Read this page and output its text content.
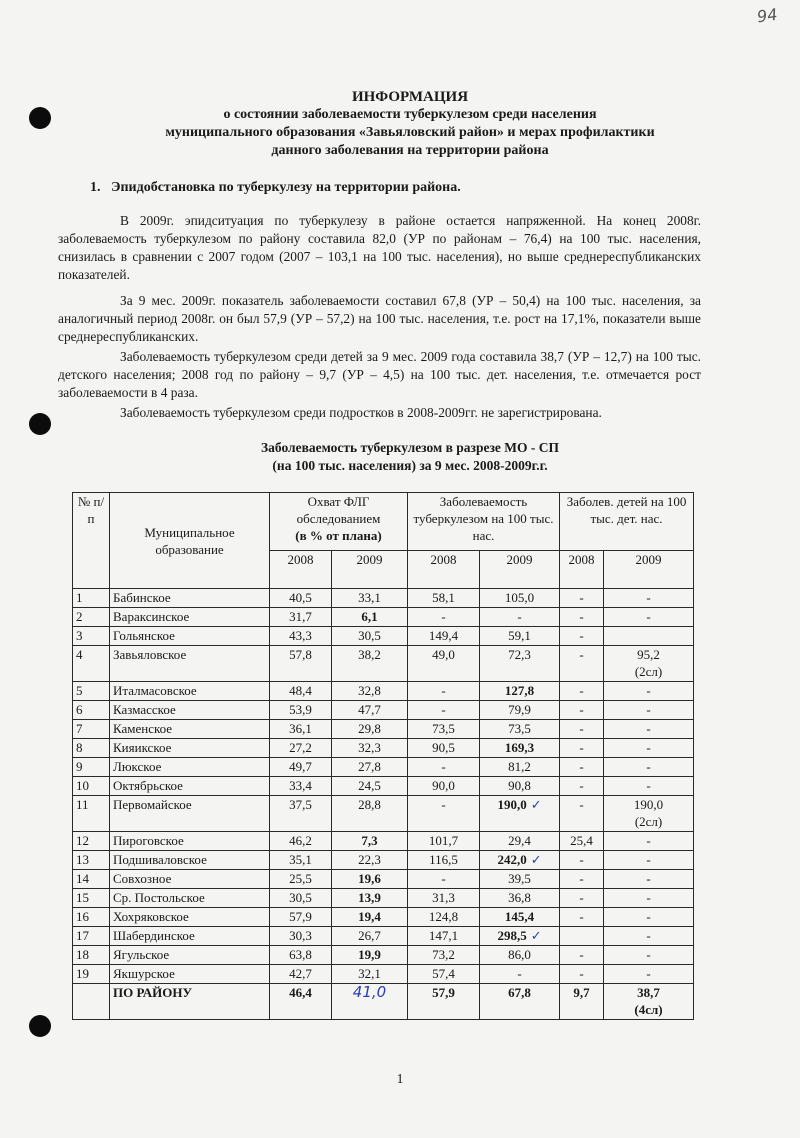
94
ИНФОРМАЦИЯ
о состоянии заболеваемости туберкулезом среди населения
муниципального образования «Завьяловский район» и мерах профилактики
данного заболевания на территории района
1. Эпидобстановка по туберкулезу на территории района.

В 2009г. эпидситуация по туберкулезу в районе остается напряженной. На конец 2008г. заболеваемость туберкулезом по району составила 82,0 (УР по районам – 76,4) на 100 тыс. населения, снизилась в сравнении с 2007 годом (2007 – 103,1 на 100 тыс. населения), но выше среднереспубликанских показателей.

За 9 мес. 2009г. показатель заболеваемости составил 67,8 (УР – 50,4) на 100 тыс. населения, за аналогичный период 2008г. он был 57,9 (УР – 57,2) на 100 тыс. населения, т.е. рост на 17,1%, показатели выше среднереспубликанских.

Заболеваемость туберкулезом среди детей за 9 мес. 2009 года составила 38,7 (УР – 12,7) на 100 тыс. детского населения; 2008 год по району – 9,7 (УР – 4,5) на 100 тыс. дет. населения, т.е. отмечается рост заболеваемости в 4 раза.

Заболеваемость туберкулезом среди подростков в 2008-2009гг. не зарегистрирована.

Заболеваемость туберкулезом в разрезе МО - СП
(на 100 тыс. населения) за 9 мес. 2008-2009г.г.
№ п/п	Муниципальное образование	Охват ФЛГ
обследованием
(в % от плана)		Заболеваемость туберкулезом на 100 тыс. нас.		Заболев. детей на 100 тыс. дет. нас.	
		2008	2009	2008	2009	2008	2009
1	Бабинское	40,5	33,1	58,1	105,0	-	-
2	Вараксинское	31,7	6,1	-	-	-	-
3	Гольянское	43,3	30,5	149,4	59,1	-	
4	Завьяловское	57,8	38,2	49,0	72,3	-	95,2
(2сл)

5	Италмасовское	48,4	32,8	-	127,8	-	-
6	Казмасское	53,9	47,7	-	79,9	-	-
7	Каменское	36,1	29,8	73,5	73,5	-	-
8	Кияикское	27,2	32,3	90,5	169,3	-	-
9	Люкское	49,7	27,8	-	81,2	-	-
10	Октябрьское	33,4	24,5	90,0	90,8	-	-
11	Первомайское	37,5	28,8	-	190,0 ✓	-	190,0
(2сл)

12	Пироговское	46,2	7,3	101,7	29,4	25,4	-
13	Подшиваловское	35,1	22,3	116,5	242,0 ✓	-	-
14	Совхозное	25,5	19,6	-	39,5	-	-
15	Ср. Постольское	30,5	13,9	31,3	36,8	-	-
16	Хохряковское	57,9	19,4	124,8	145,4	-	-
17	Шабердинское	30,3	26,7	147,1	298,5 ✓		-
18	Ягульское	63,8	19,9	73,2	86,0	-	-
19	Якшурское	42,7	32,1	57,4	-	-	-
	ПО РАЙОНУ	46,4	41,0	57,9	67,8	9,7	38,7
(4сл)
1
